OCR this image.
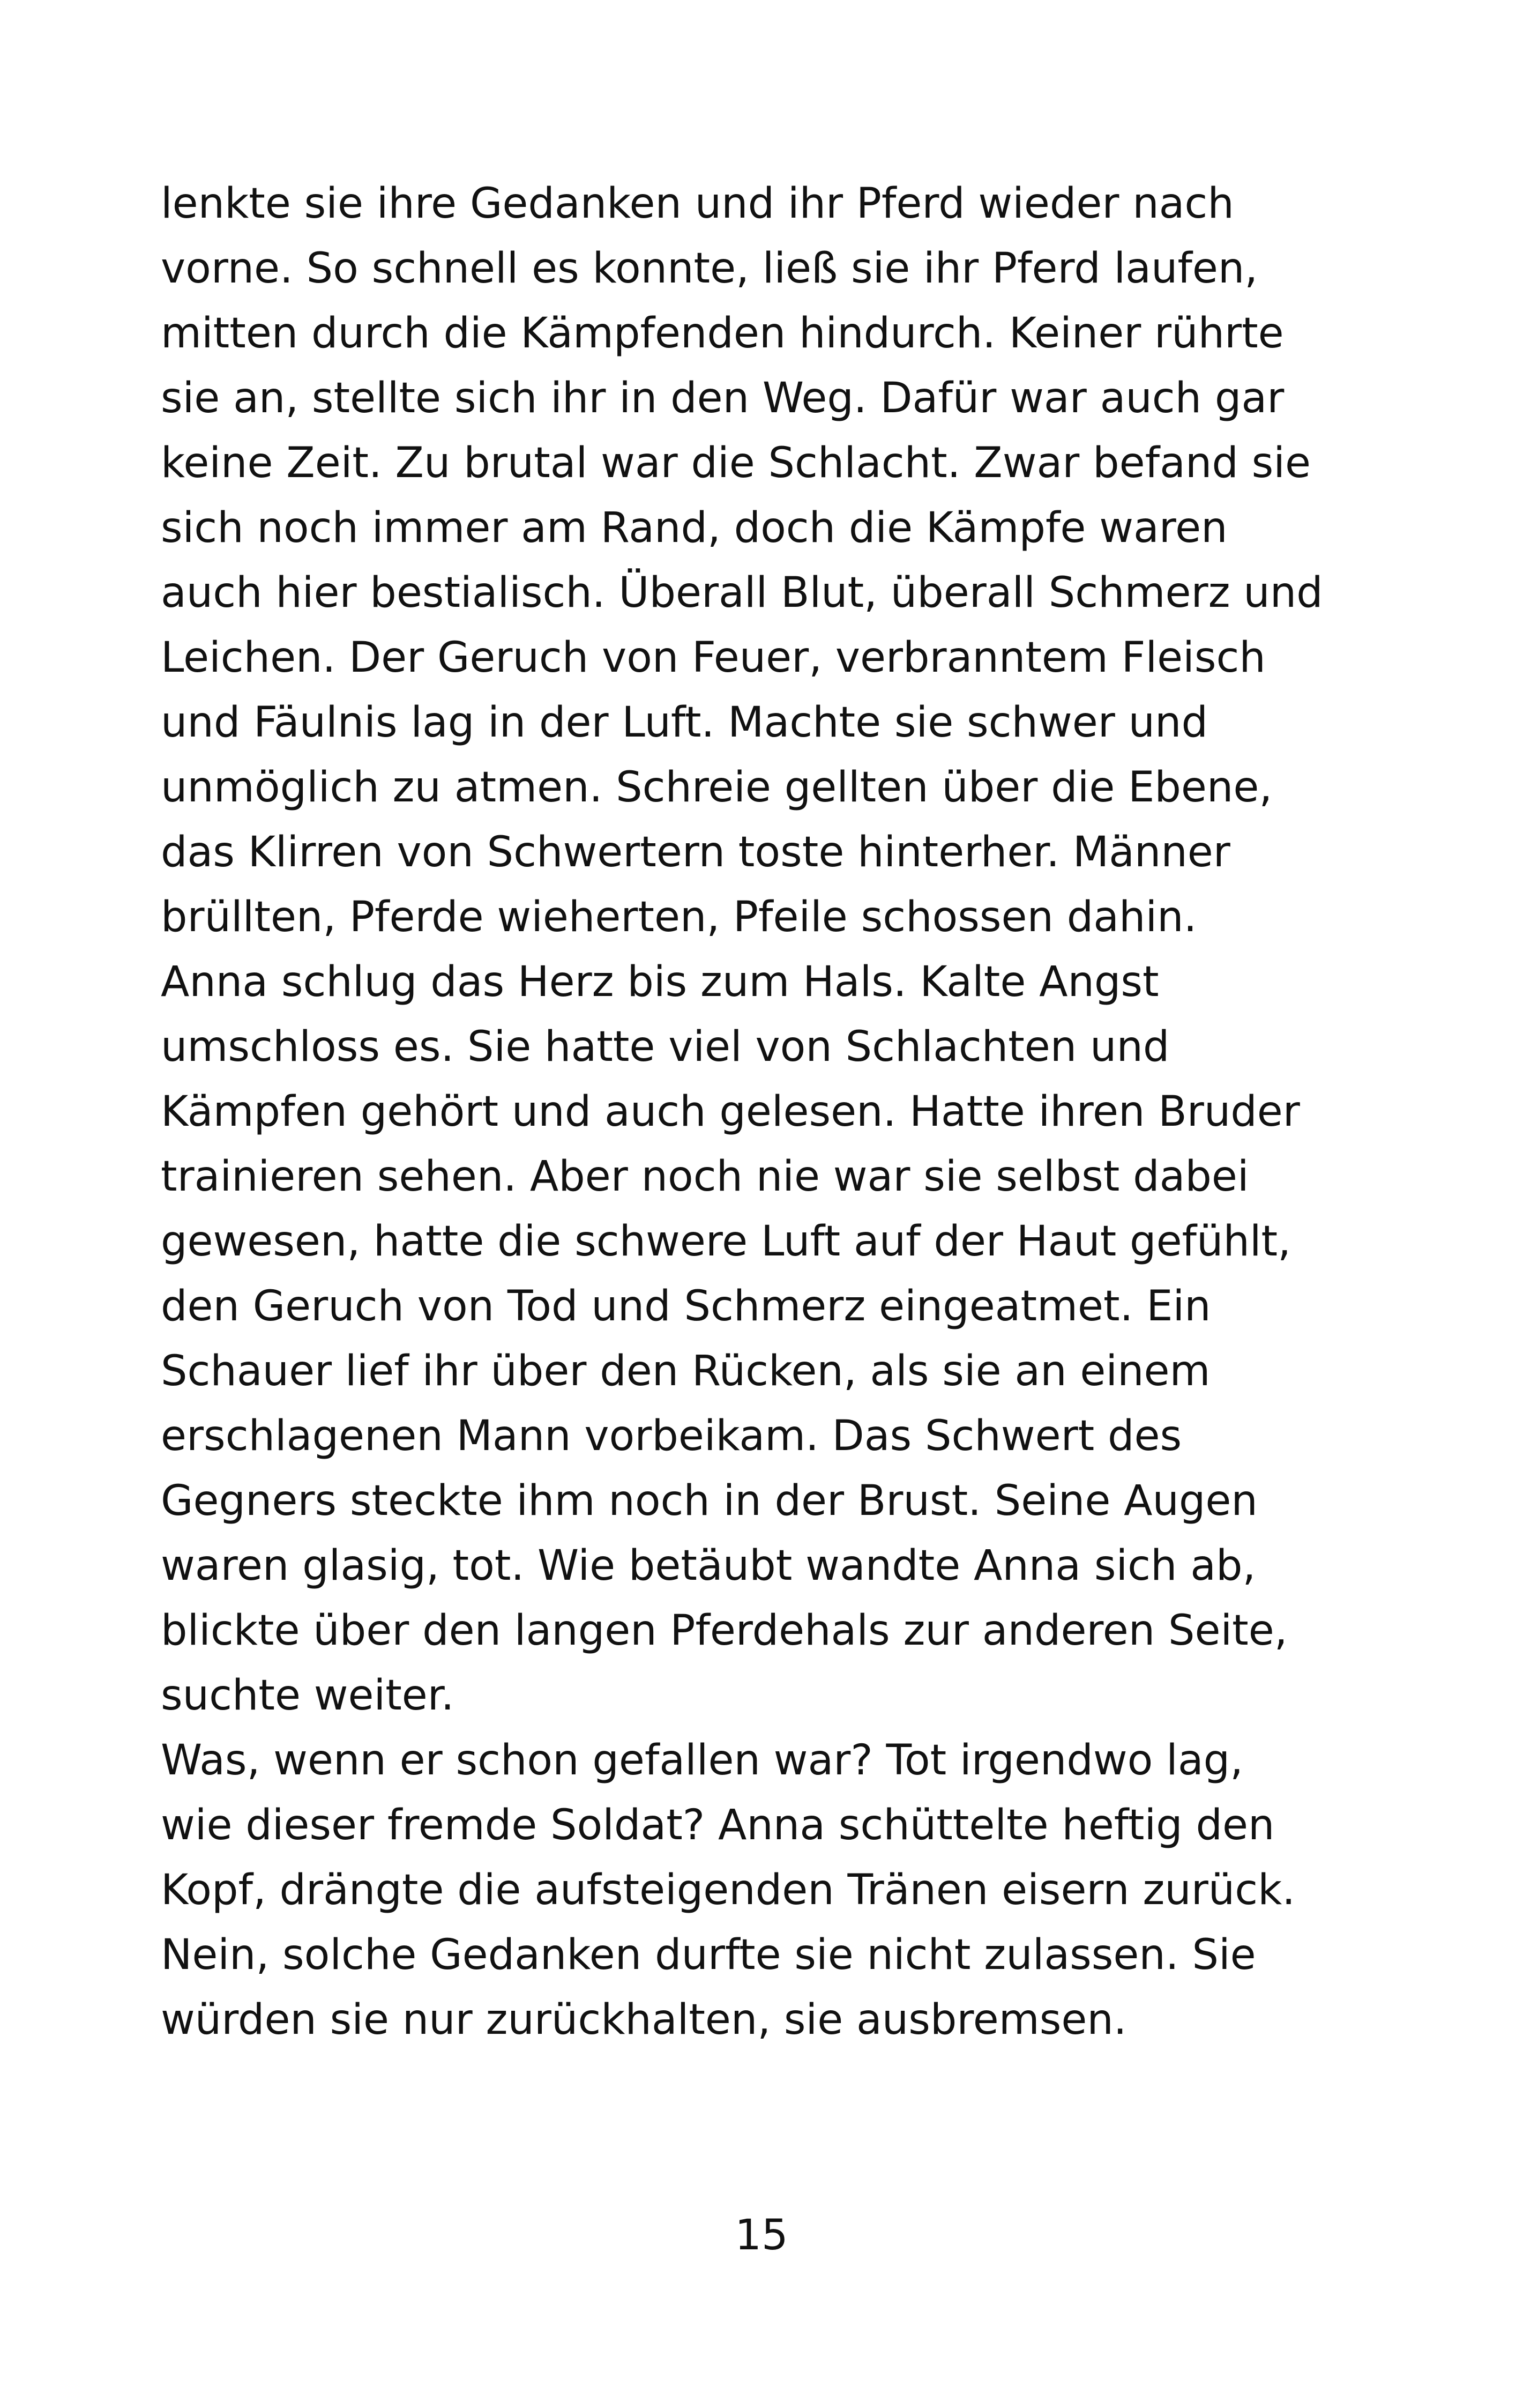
lenkte sie ihre Gedanken und ihr Pferd wieder nach
vorne. So schnell es konnte, ließ sie ihr Pferd laufen,
mitten durch die Kämpfenden hindurch. Keiner rührte
sie an, stellte sich ihr in den Weg. Dafür war auch gar
keine Zeit. Zu brutal war die Schlacht. Zwar befand sie
sich noch immer am Rand, doch die Kämpfe waren
auch hier bestialisch. Überall Blut, überall Schmerz und
Leichen. Der Geruch von Feuer, verbranntem Fleisch
und Fäulnis lag in der Luft. Machte sie schwer und
unmöglich zu atmen. Schreie gellten über die Ebene,
das Klirren von Schwertern toste hinterher. Männer
brüllten, Pferde wieherten, Pfeile schossen dahin.
Anna schlug das Herz bis zum Hals. Kalte Angst
umschloss es. Sie hatte viel von Schlachten und
Kämpfen gehört und auch gelesen. Hatte ihren Bruder
trainieren sehen. Aber noch nie war sie selbst dabei
gewesen, hatte die schwere Luft auf der Haut gefühlt,
den Geruch von Tod und Schmerz eingeatmet. Ein
Schauer lief ihr über den Rücken, als sie an einem
erschlagenen Mann vorbeikam. Das Schwert des
Gegners steckte ihm noch in der Brust. Seine Augen
waren glasig, tot. Wie betäubt wandte Anna sich ab,
blickte über den langen Pferdehals zur anderen Seite,
suchte weiter.
Was, wenn er schon gefallen war? Tot irgendwo lag,
wie dieser fremde Soldat? Anna schüttelte heftig den
Kopf, drängte die aufsteigenden Tränen eisern zurück.
Nein, solche Gedanken durfte sie nicht zulassen. Sie
würden sie nur zurückhalten, sie ausbremsen.
15
